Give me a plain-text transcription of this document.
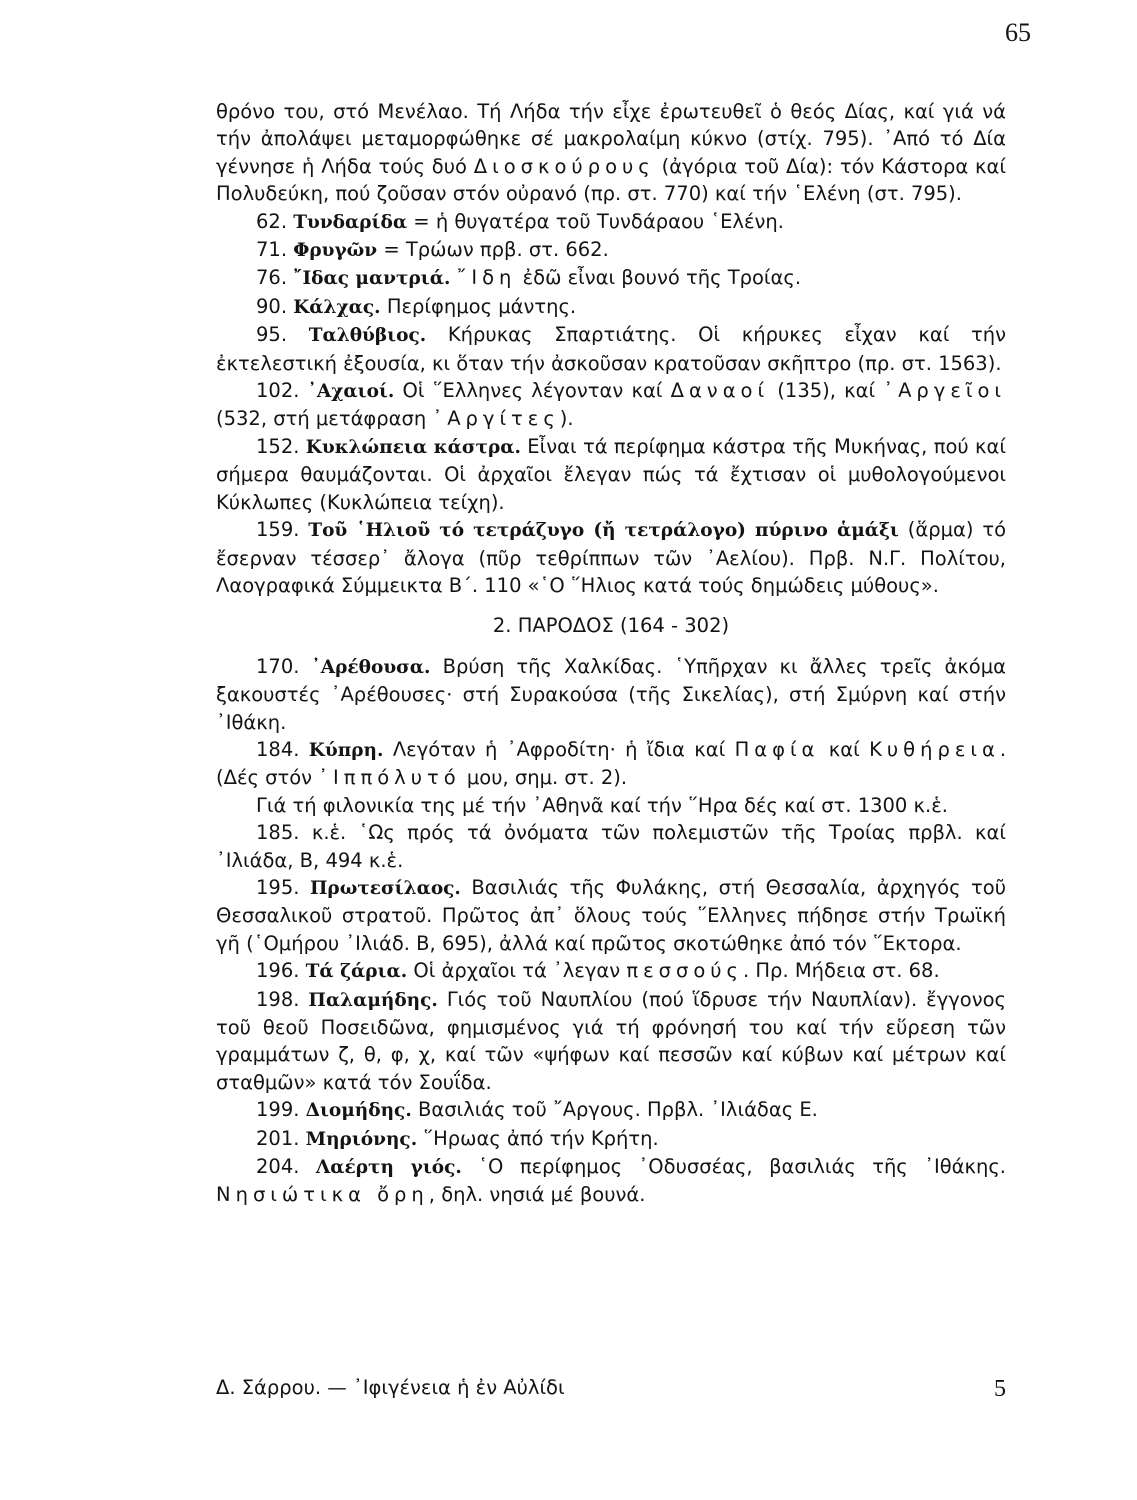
65

θρόνο του, στό Μενέλαο. Τή Λήδα τήν εἶχε ἐρωτευθεῖ ὁ θεός Δίας, καί γιά νά τήν ἀπολάψει μεταμορφώθηκε σέ μακρολαίμη κύκνο (στίχ. 795). ᾿Από τό Δία γέννησε ἡ Λήδα τούς δυό Διοσκούρους (ἀγόρια τοῦ Δία): τόν Κάστορα καί Πολυδεύκη, πού ζοῦσαν στόν οὐρανό (πρ. στ. 770) καί τήν ῾Ελένη (στ. 795).

62. Τυνδαρίδα = ἡ θυγατέρα τοῦ Τυνδάραου ῾Ελένη.

71. Φρυγῶν = Τρώων πρβ. στ. 662.

76. ῎Ιδας μαντριά. ῎Ιδη ἐδῶ εἶναι βουνό τῆς Τροίας.

90. Κάλχας. Περίφημος μάντης.

95. Ταλθύβιος. Κήρυκας Σπαρτιάτης. Οἱ κήρυκες εἶχαν καί τήν ἐκτελεστική ἐξουσία, κι ὅταν τήν ἀσκοῦσαν κρατοῦσαν σκῆπτρο (πρ. στ. 1563).

102. ᾿Αχαιοί. Οἱ ῞Ελληνες λέγονταν καί Δαναοί (135), καί ᾿Αργεῖοι (532, στή μετάφραση ᾿Αργίτες).

152. Κυκλώπεια κάστρα. Εἶναι τά περίφημα κάστρα τῆς Μυκήνας, πού καί σήμερα θαυμάζονται. Οἱ ἀρχαῖοι ἔλεγαν πώς τά ἔχτισαν οἱ μυθολογούμενοι Κύκλωπες (Κυκλώπεια τείχη).

159. Τοῦ ῾Ηλιοῦ τό τετράζυγο (ἤ τετράλογο) πύρινο ἁμάξι (ἅρμα) τό ἔσερναν τέσσερ᾿ ἄλογα (πῦρ τεθρίππων τῶν ᾿Αελίου). Πρβ. Ν.Γ. Πολίτου, Λαογραφικά Σύμμεικτα Β΄. 110 «῾Ο ῞Ηλιος κατά τούς δημώδεις μύθους».

2. ΠΑΡΟΔΟΣ (164 - 302)

170. ᾿Αρέθουσα. Βρύση τῆς Χαλκίδας. ῾Υπῆρχαν κι ἄλλες τρεῖς ἀκόμα ξακουστές ᾿Αρέθουσες· στή Συρακούσα (τῆς Σικελίας), στή Σμύρνη καί στήν ᾿Ιθάκη.

184. Κύπρη. Λεγόταν ἡ ᾿Αφροδίτη· ἡ ἴδια καί Παφία καί Κυθήρεια. (Δές στόν ᾿Ιππόλυτό μου, σημ. στ. 2).

Γιά τή φιλονικία της μέ τήν ᾿Αθηνᾶ καί τήν ῞Ηρα δές καί στ. 1300 κ.ἑ.

185. κ.ἑ. ῾Ως πρός τά ὀνόματα τῶν πολεμιστῶν τῆς Τροίας πρβλ. καί ᾿Ιλιάδα, Β, 494 κ.ἑ.

195. Πρωτεσίλαος. Βασιλιάς τῆς Φυλάκης, στή Θεσσαλία, ἀρχηγός τοῦ Θεσσαλικοῦ στρατοῦ. Πρῶτος ἀπ᾿ ὅλους τούς ῞Ελληνες πήδησε στήν Τρωϊκή γῆ (῾Ομήρου ᾿Ιλιάδ. Β, 695), ἀλλά καί πρῶτος σκοτώθηκε ἀπό τόν ῞Εκτορα.

196. Τά ζάρια. Οἱ ἀρχαῖοι τά ᾿λεγαν πεσσούς. Πρ. Μήδεια στ. 68.

198. Παλαμήδης. Γιός τοῦ Ναυπλίου (πού ἵδρυσε τήν Ναυπλίαν). ἔγγονος τοῦ θεοῦ Ποσειδῶνα, φημισμένος γιά τή φρόνησή του καί τήν εὕρεση τῶν γραμμάτων ζ, θ, φ, χ, καί τῶν «ψήφων καί πεσσῶν καί κύβων καί μέτρων καί σταθμῶν» κατά τόν Σουΐδα.

199. Διομήδης. Βασιλιάς τοῦ ῎Αργους. Πρβλ. ᾿Ιλιάδας Ε.

201. Μηριόνης. ῞Ηρωας ἀπό τήν Κρήτη.

204. Λαέρτη γιός. ῾Ο περίφημος ᾿Οδυσσέας, βασιλιάς τῆς ᾿Ιθάκης. Νησιώτικα ὄρη, δηλ. νησιά μέ βουνά.

Δ. Σάρρου. — ᾿Ιφιγένεια ἡ ἐν Αὐλίδι	5
